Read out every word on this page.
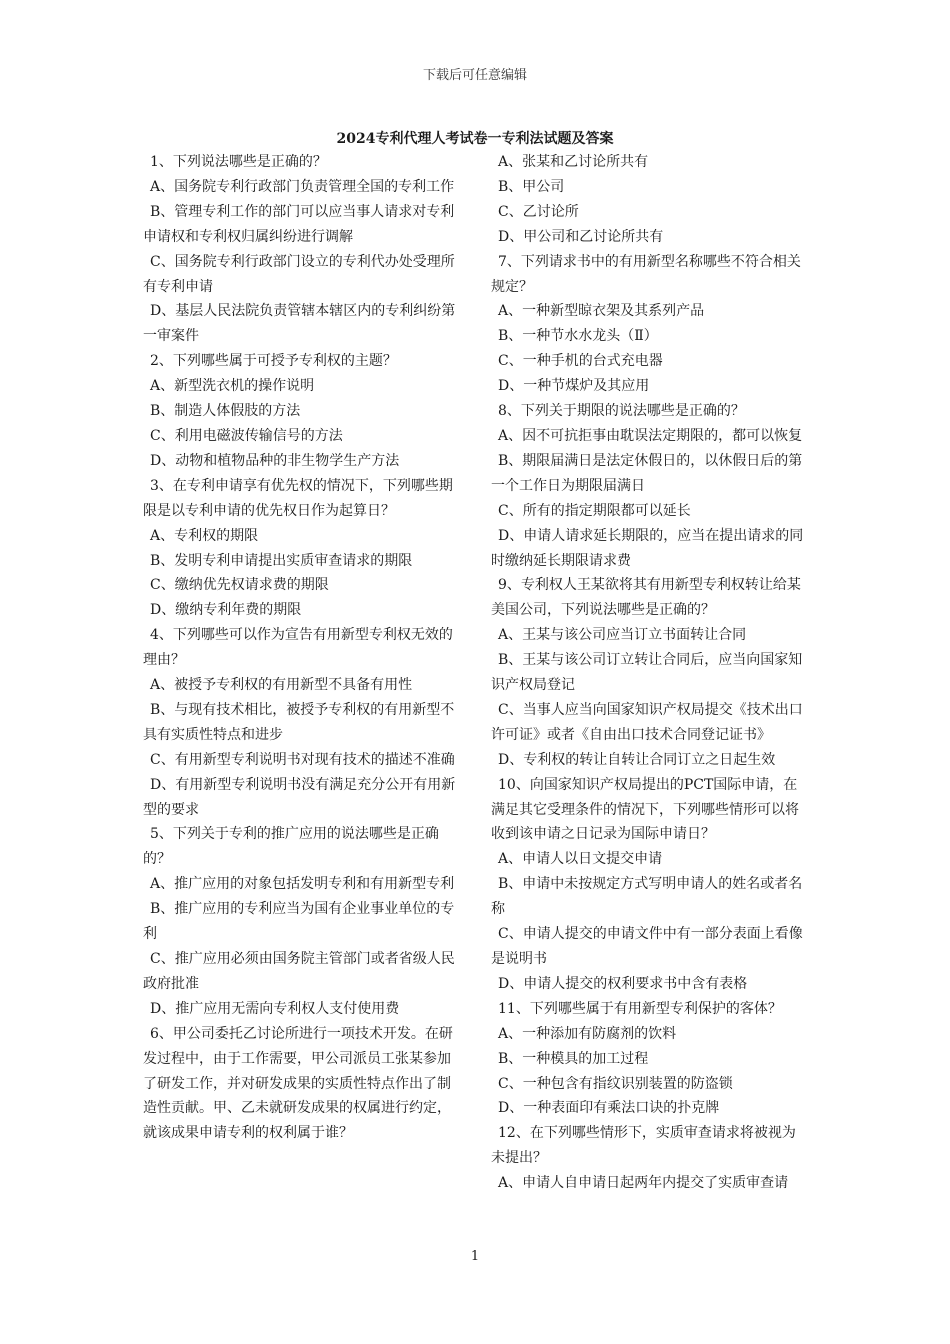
下载后可任意编辑
2024专利代理人考试卷一专利法试题及答案

1、下列说法哪些是正确的？

A、国务院专利行政部门负责管理全国的专利工作

B、管理专利工作的部门可以应当事人请求对专利申请权和专利权归属纠纷进行调解

C、国务院专利行政部门设立的专利代办处受理所有专利申请

D、基层人民法院负责管辖本辖区内的专利纠纷第一审案件

2、下列哪些属于可授予专利权的主题？

A、新型洗衣机的操作说明

B、制造人体假肢的方法

C、利用电磁波传输信号的方法

D、动物和植物品种的非生物学生产方法

3、在专利申请享有优先权的情况下，下列哪些期限是以专利申请的优先权日作为起算日？

A、专利权的期限

B、发明专利申请提出实质审查请求的期限

C、缴纳优先权请求费的期限

D、缴纳专利年费的期限

4、下列哪些可以作为宣告有用新型专利权无效的理由？

A、被授予专利权的有用新型不具备有用性

B、与现有技术相比，被授予专利权的有用新型不具有实质性特点和进步

C、有用新型专利说明书对现有技术的描述不准确

D、有用新型专利说明书没有满足充分公开有用新型的要求

5、下列关于专利的推广应用的说法哪些是正确的？

A、推广应用的对象包括发明专利和有用新型专利

B、推广应用的专利应当为国有企业事业单位的专利

C、推广应用必须由国务院主管部门或者省级人民政府批准

D、推广应用无需向专利权人支付使用费

6、甲公司委托乙讨论所进行一项技术开发。在研发过程中，由于工作需要，甲公司派员工张某参加了研发工作，并对研发成果的实质性特点作出了制造性贡献。甲、乙未就研发成果的权属进行约定，就该成果申请专利的权利属于谁？

A、张某和乙讨论所共有

B、甲公司

C、乙讨论所

D、甲公司和乙讨论所共有

7、下列请求书中的有用新型名称哪些不符合相关规定？

A、一种新型晾衣架及其系列产品

B、一种节水水龙头（Ⅱ）

C、一种手机的台式充电器

D、一种节煤炉及其应用

8、下列关于期限的说法哪些是正确的？

A、因不可抗拒事由耽误法定期限的，都可以恢复

B、期限届满日是法定休假日的，以休假日后的第一个工作日为期限届满日

C、所有的指定期限都可以延长

D、申请人请求延长期限的，应当在提出请求的同时缴纳延长期限请求费

9、专利权人王某欲将其有用新型专利权转让给某美国公司，下列说法哪些是正确的？

A、王某与该公司应当订立书面转让合同

B、王某与该公司订立转让合同后，应当向国家知识产权局登记

C、当事人应当向国家知识产权局提交《技术出口许可证》或者《自由出口技术合同登记证书》

D、专利权的转让自转让合同订立之日起生效

10、向国家知识产权局提出的PCT国际申请，在满足其它受理条件的情况下，下列哪些情形可以将收到该申请之日记录为国际申请日？

A、申请人以日文提交申请

B、申请中未按规定方式写明申请人的姓名或者名称

C、申请人提交的申请文件中有一部分表面上看像是说明书

D、申请人提交的权利要求书中含有表格

11、下列哪些属于有用新型专利保护的客体？

A、一种添加有防腐剂的饮料

B、一种模具的加工过程

C、一种包含有指纹识别装置的防盗锁

D、一种表面印有乘法口诀的扑克牌

12、在下列哪些情形下，实质审查请求将被视为未提出？

A、申请人自申请日起两年内提交了实质审查请

1
